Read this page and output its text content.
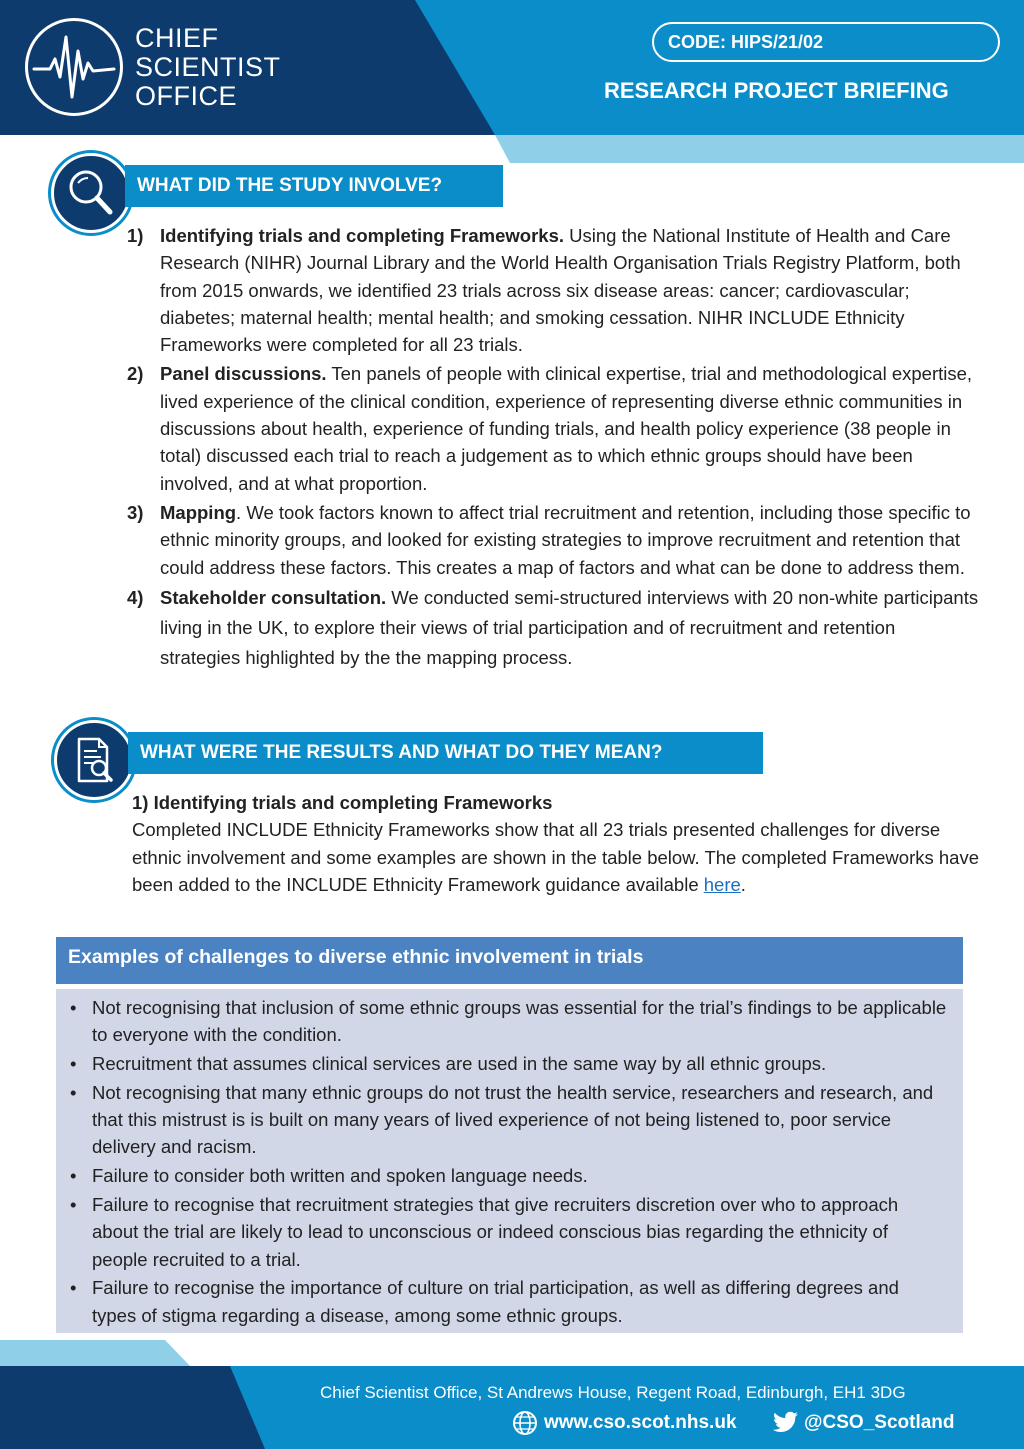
CHIEF
SCIENTIST
OFFICE
CODE: HIPS/21/02
RESEARCH PROJECT BRIEFING
WHAT DID THE STUDY INVOLVE?
1) Identifying trials and completing Frameworks. Using the National Institute of Health and Care Research (NIHR) Journal Library and the World Health Organisation Trials Registry Platform, both from 2015 onwards, we identified 23 trials across six disease areas: cancer; cardiovascular; diabetes; maternal health; mental health; and smoking cessation. NIHR INCLUDE Ethnicity Frameworks were completed for all 23 trials.
2) Panel discussions. Ten panels of people with clinical expertise, trial and methodological expertise, lived experience of the clinical condition, experience of representing diverse ethnic communities in discussions about health, experience of funding trials, and health policy experience (38 people in total) discussed each trial to reach a judgement as to which ethnic groups should have been involved, and at what proportion.
3) Mapping. We took factors known to affect trial recruitment and retention, including those specific to ethnic minority groups, and looked for existing strategies to improve recruitment and retention that could address these factors. This creates a map of factors and what can be done to address them.
4) Stakeholder consultation. We conducted semi-structured interviews with 20 non-white participants living in the UK, to explore their views of trial participation and of recruitment and retention strategies highlighted by the the mapping process.
WHAT WERE THE RESULTS AND WHAT DO THEY MEAN?
1) Identifying trials and completing Frameworks
Completed INCLUDE Ethnicity Frameworks show that all 23 trials presented challenges for diverse ethnic involvement and some examples are shown in the table below. The completed Frameworks have been added to the INCLUDE Ethnicity Framework guidance available here.
Examples of challenges to diverse ethnic involvement in trials
• Not recognising that inclusion of some ethnic groups was essential for the trial’s findings to be applicable to everyone with the condition.
• Recruitment that assumes clinical services are used in the same way by all ethnic groups.
• Not recognising that many ethnic groups do not trust the health service, researchers and research, and that this mistrust is is built on many years of lived experience of not being listened to, poor service delivery and racism.
• Failure to consider both written and spoken language needs.
• Failure to recognise that recruitment strategies that give recruiters discretion over who to approach about the trial are likely to lead to unconscious or indeed conscious bias regarding the ethnicity of people recruited to a trial.
• Failure to recognise the importance of culture on trial participation, as well as differing degrees and types of stigma regarding a disease, among some ethnic groups.
Chief Scientist Office, St Andrews House, Regent Road, Edinburgh, EH1 3DG
www.cso.scot.nhs.uk	@CSO_Scotland
